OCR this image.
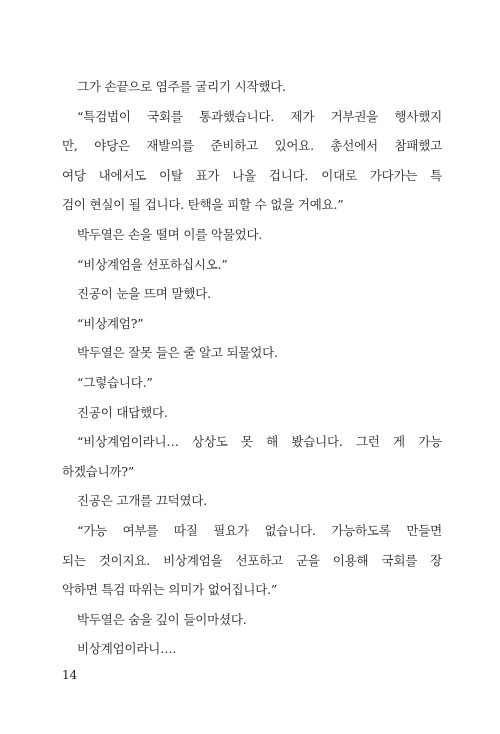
그가 손끝으로 염주를 굴리기 시작했다.
“특검법이 국회를 통과했습니다. 제가 거부권을 행사했지
만, 야당은 재발의를 준비하고 있어요. 총선에서 참패했고
여당 내에서도 이탈 표가 나올 겁니다. 이대로 가다가는 특
검이 현실이 될 겁니다. 탄핵을 피할 수 없을 거예요.”
박두열은 손을 떨며 이를 악물었다.
“비상계엄을 선포하십시오.”
진공이 눈을 뜨며 말했다.
“비상계엄?”
박두열은 잘못 들은 줄 알고 되물었다.
“그렇습니다.”
진공이 대답했다.
“비상계엄이라니… 상상도 못 해 봤습니다. 그런 게 가능
하겠습니까?”
진공은 고개를 끄덕였다.
“가능 여부를 따질 필요가 없습니다. 가능하도록 만들면
되는 것이지요. 비상계엄을 선포하고 군을 이용해 국회를 장
악하면 특검 따위는 의미가 없어집니다.”
박두열은 숨을 깊이 들이마셨다.
비상계엄이라니….
14
